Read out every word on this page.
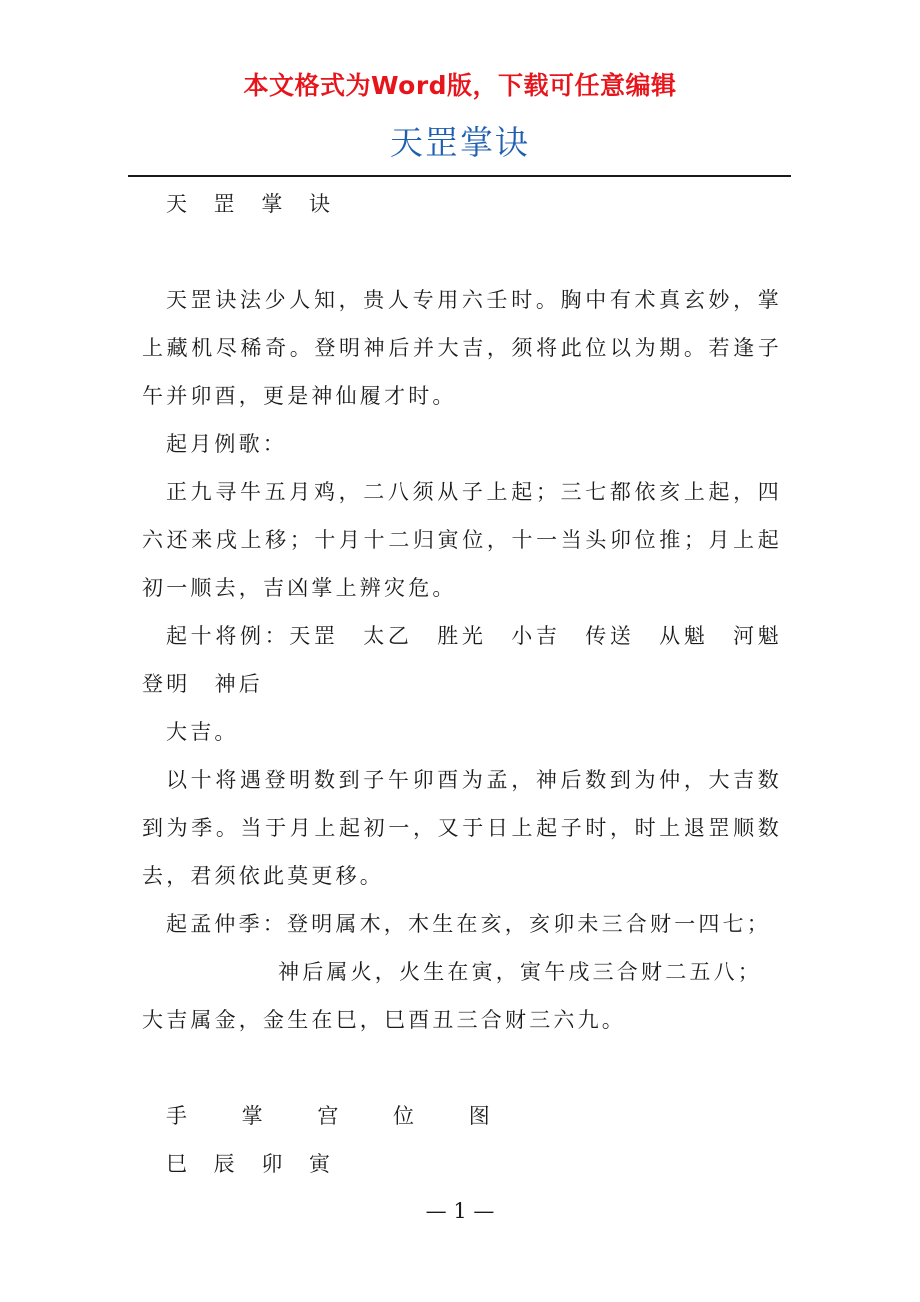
本文格式为Word版，下载可任意编辑
天罡掌诀

天 罡 掌 诀

天罡诀法少人知，贵人专用六壬时。胸中有术真玄妙，掌上藏机尽稀奇。登明神后并大吉，须将此位以为期。若逢子午并卯酉，更是神仙履才时。

起月例歌：

正九寻牛五月鸡，二八须从子上起；三七都依亥上起，四六还来戌上移；十月十二归寅位，十一当头卯位推；月上起初一顺去，吉凶掌上辨灾危。

起十将例：天罡　太乙　胜光　小吉　传送　从魁　河魁　登明　神后

大吉。

以十将遇登明数到子午卯酉为孟，神后数到为仲，大吉数到为季。当于月上起初一，又于日上起子时，时上退罡顺数去，君须依此莫更移。

起孟仲季：登明属木，木生在亥，亥卯未三合财一四七；

神后属火，火生在寅，寅午戌三合财二五八；

大吉属金，金生在巳，巳酉丑三合财三六九。

手 掌 宫 位 图

巳 辰 卯 寅

— 1 —
